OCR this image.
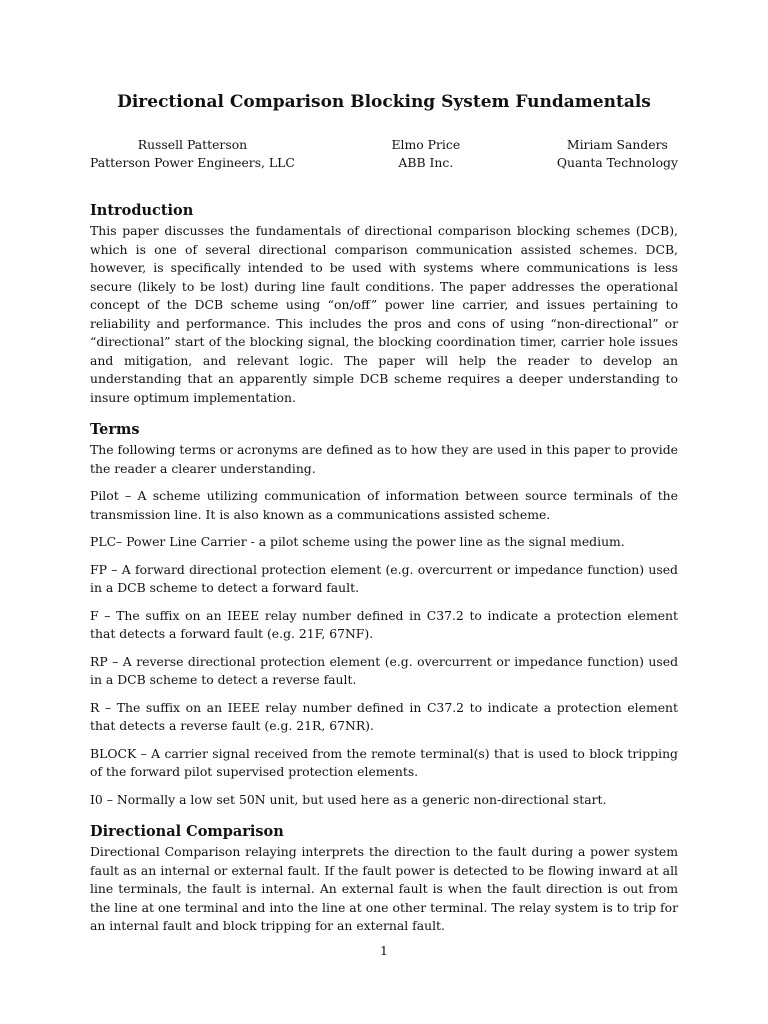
Directional Comparison Blocking System Fundamentals
Russell Patterson
Patterson Power Engineers, LLC
Elmo Price
ABB Inc.
Miriam Sanders
Quanta Technology
Introduction

This paper discusses the fundamentals of directional comparison blocking schemes (DCB), which is one of several directional comparison communication assisted schemes. DCB, however, is specifically intended to be used with systems where communications is less secure (likely to be lost) during line fault conditions. The paper addresses the operational concept of the DCB scheme using “on/off” power line carrier, and issues pertaining to reliability and performance. This includes the pros and cons of using “non-directional” or “directional” start of the blocking signal, the blocking coordination timer, carrier hole issues and mitigation, and relevant logic. The paper will help the reader to develop an understanding that an apparently simple DCB scheme requires a deeper understanding to insure optimum implementation.

Terms

The following terms or acronyms are defined as to how they are used in this paper to provide the reader a clearer understanding.

Pilot – A scheme utilizing communication of information between source terminals of the transmission line. It is also known as a communications assisted scheme.

PLC– Power Line Carrier - a pilot scheme using the power line as the signal medium.

FP – A forward directional protection element (e.g. overcurrent or impedance function) used in a DCB scheme to detect a forward fault.

F – The suffix on an IEEE relay number defined in C37.2 to indicate a protection element that detects a forward fault (e.g. 21F, 67NF).

RP – A reverse directional protection element (e.g. overcurrent or impedance function) used in a DCB scheme to detect a reverse fault.

R – The suffix on an IEEE relay number defined in C37.2 to indicate a protection element that detects a reverse fault (e.g. 21R, 67NR).

BLOCK – A carrier signal received from the remote terminal(s) that is used to block tripping of the forward pilot supervised protection elements.

I0 – Normally a low set 50N unit, but used here as a generic non-directional start.

Directional Comparison

Directional Comparison relaying interprets the direction to the fault during a power system fault as an internal or external fault. If the fault power is detected to be flowing inward at all line terminals, the fault is internal. An external fault is when the fault direction is out from the line at one terminal and into the line at one other terminal. The relay system is to trip for an internal fault and block tripping for an external fault.

1
